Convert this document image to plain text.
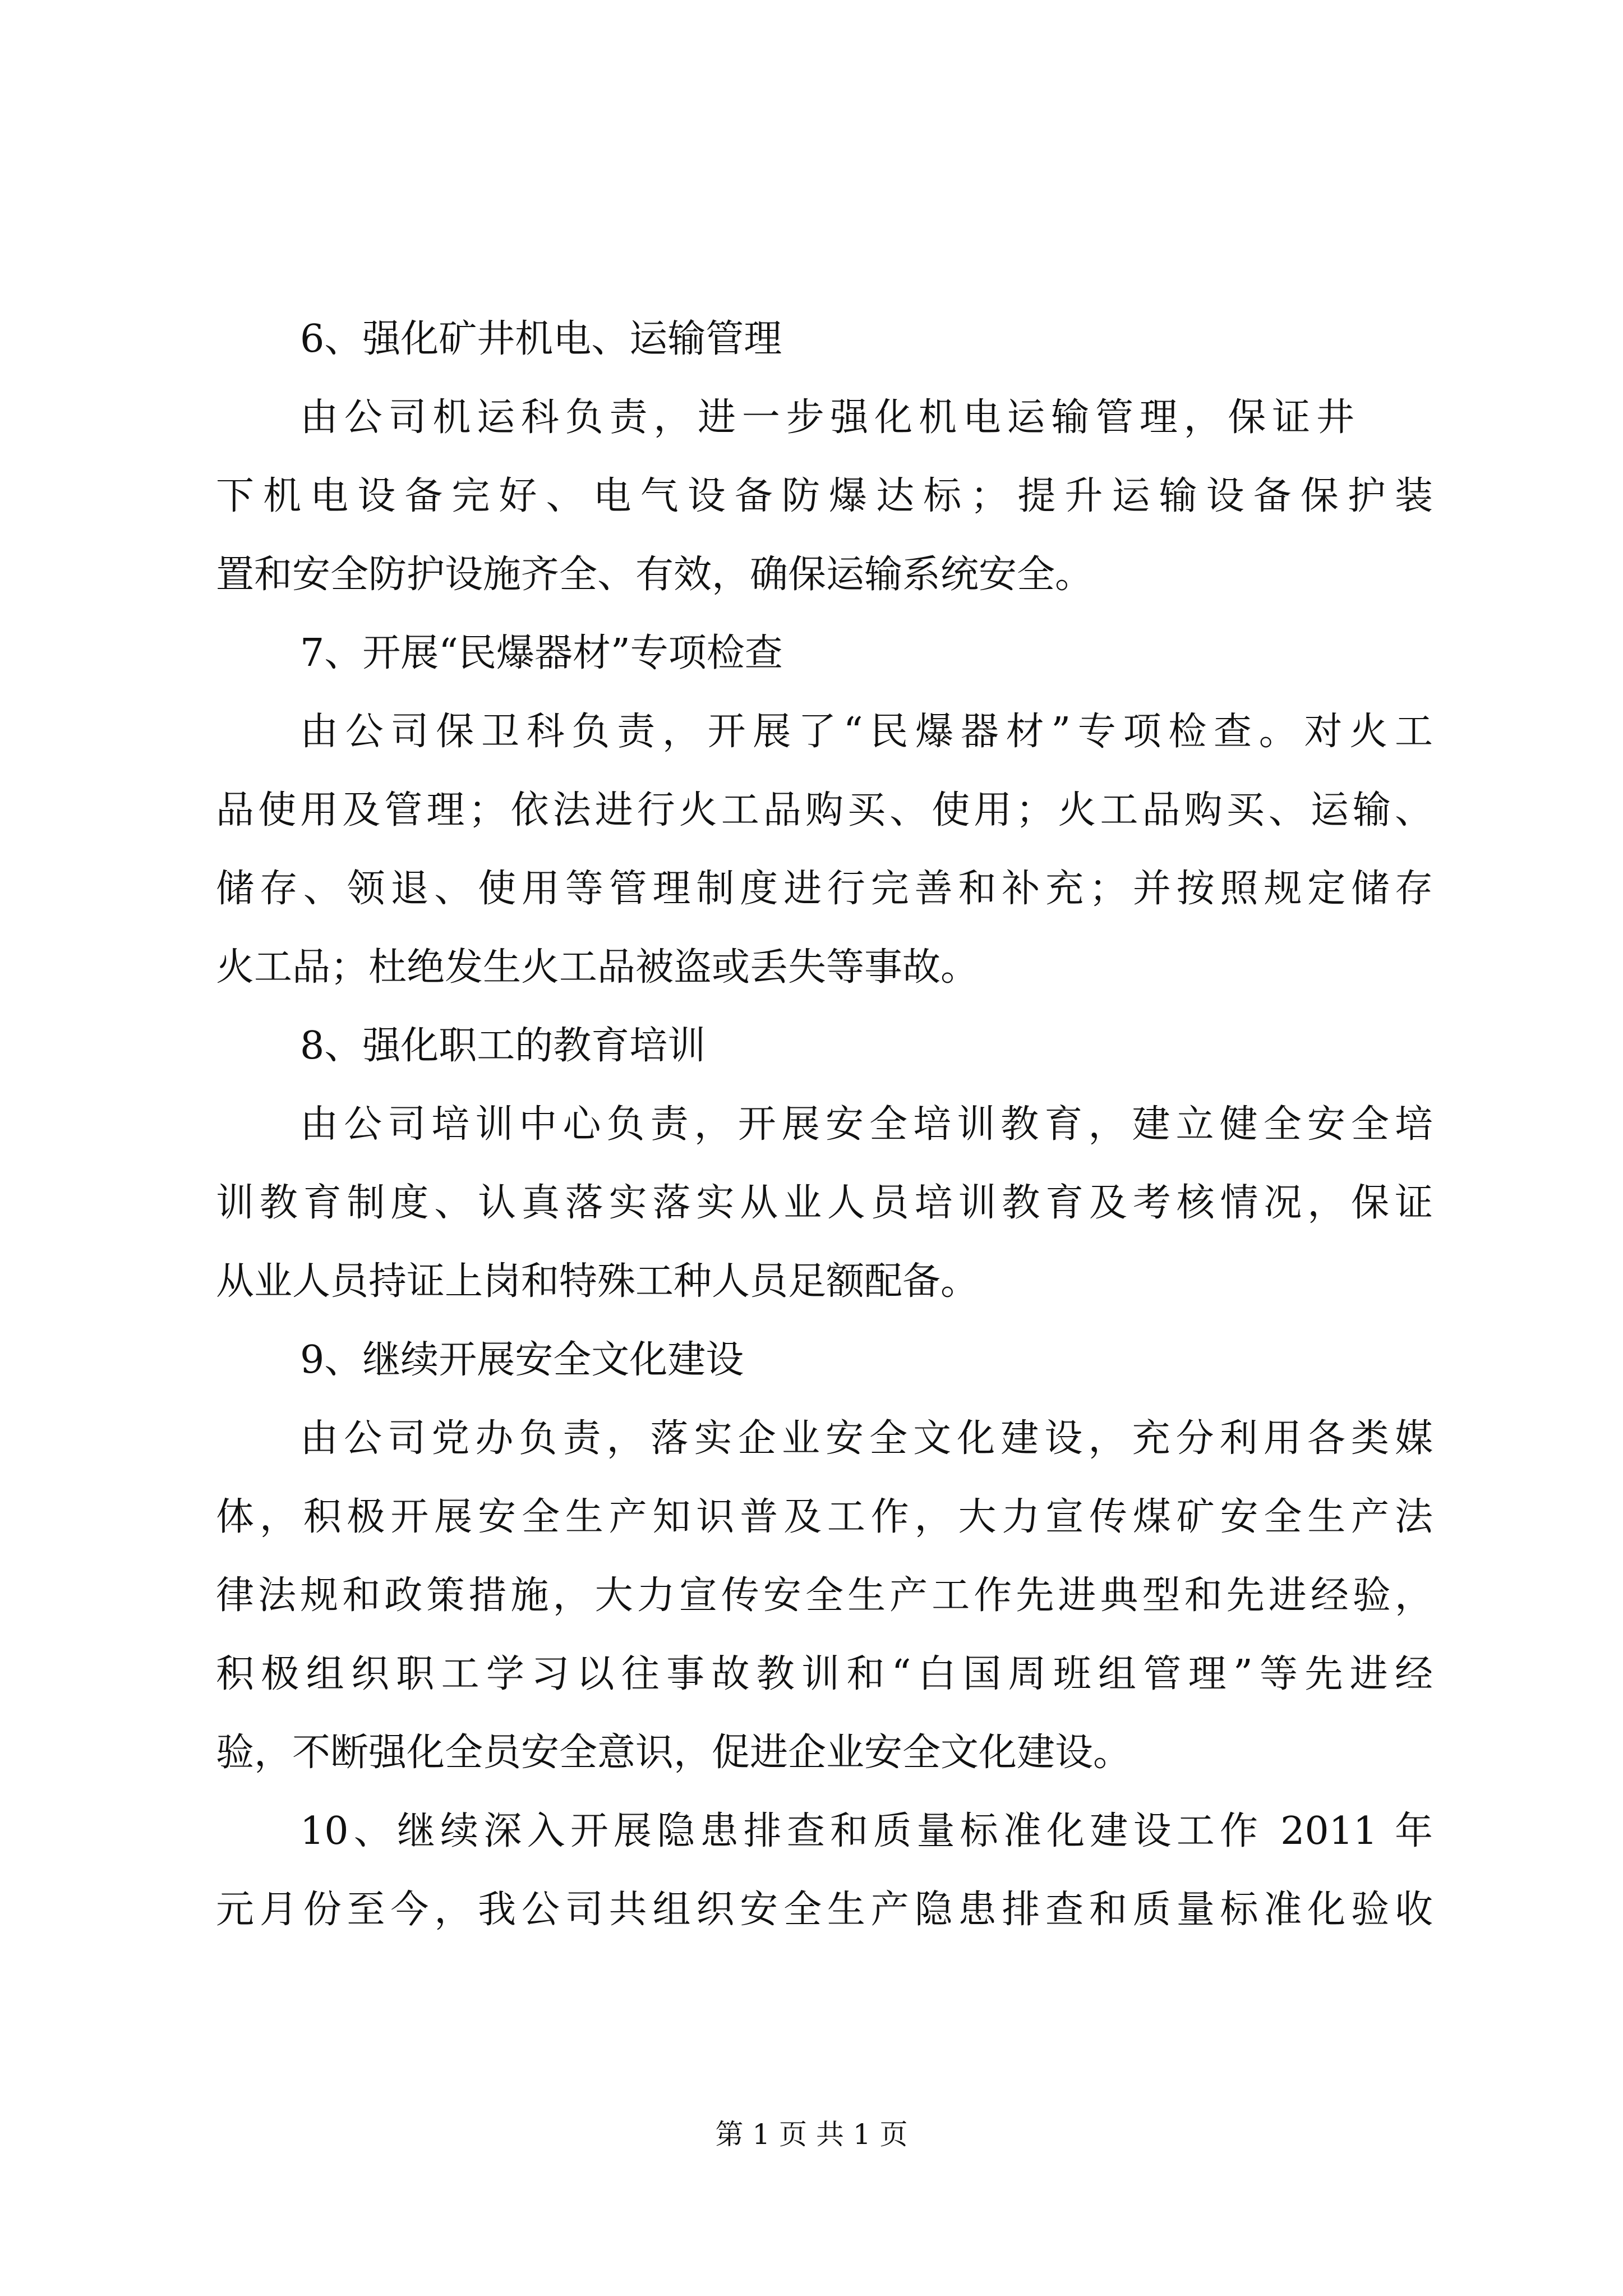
6、强化矿井机电、运输管理
由公司机运科负责，进一步强化机电运输管理，保证井
下机电设备完好、电气设备防爆达标；提升运输设备保护装
置和安全防护设施齐全、有效，确保运输系统安全。
7、开展“民爆器材”专项检查
由公司保卫科负责，开展了“民爆器材”专项检查。对火工
品使用及管理；依法进行火工品购买、使用；火工品购买、运输、
储存、领退、使用等管理制度进行完善和补充；并按照规定储存
火工品；杜绝发生火工品被盗或丢失等事故。
8、强化职工的教育培训
由公司培训中心负责，开展安全培训教育，建立健全安全培
训教育制度、认真落实落实从业人员培训教育及考核情况，保证
从业人员持证上岗和特殊工种人员足额配备。
9、继续开展安全文化建设
由公司党办负责，落实企业安全文化建设，充分利用各类媒
体，积极开展安全生产知识普及工作，大力宣传煤矿安全生产法
律法规和政策措施，大力宣传安全生产工作先进典型和先进经验，
积极组织职工学习以往事故教训和“白国周班组管理”等先进经
验，不断强化全员安全意识，促进企业安全文化建设。
10、继续深入开展隐患排查和质量标准化建设工作 2011 年
元月份至今，我公司共组织安全生产隐患排查和质量标准化验收
第 1 页 共 1 页
